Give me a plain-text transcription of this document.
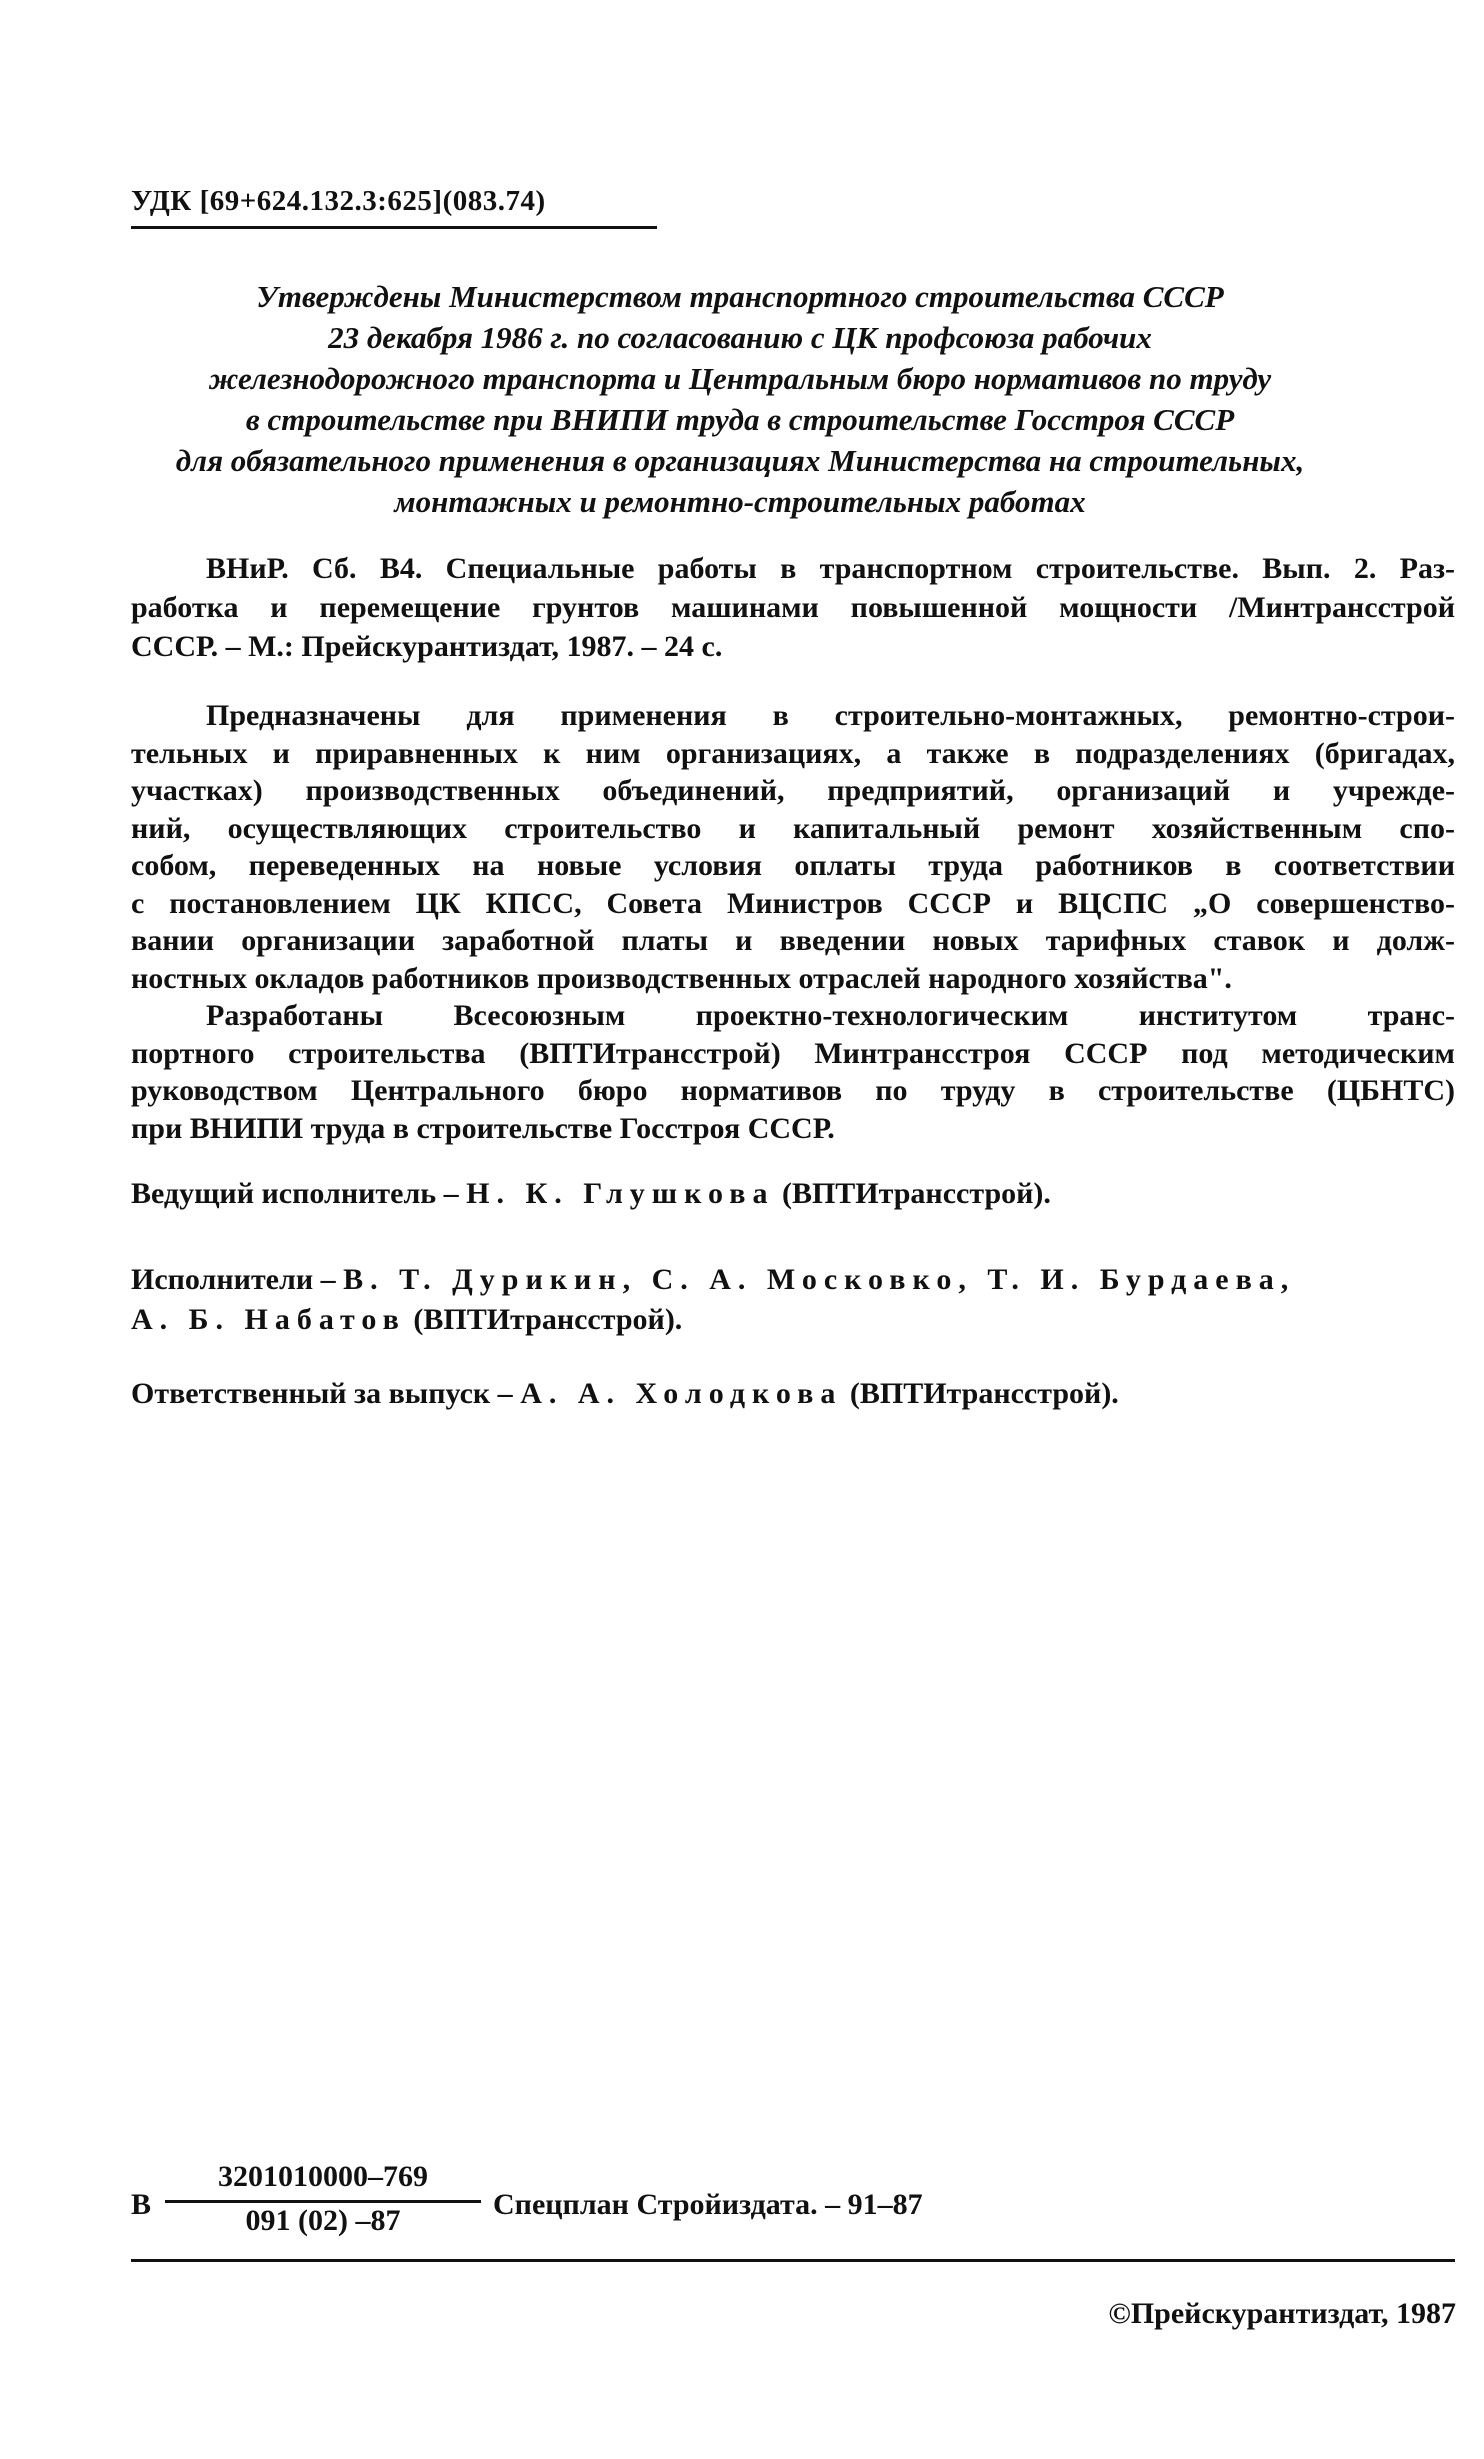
УДК [69+624.132.3:625](083.74)
Утверждены Министерством транспортного строительства СССР
23 декабря 1986 г. по согласованию с ЦК профсоюза рабочих
железнодорожного транспорта и Центральным бюро нормативов по труду
в строительстве при ВНИПИ труда в строительстве Госстроя СССР
для обязательного применения в организациях Министерства на строительных,
монтажных и ремонтно-строительных работах
ВНиР. Сб. В4. Специальные работы в транспортном строительстве. Вып. 2. Раз-
работка и перемещение грунтов машинами повышенной мощности /Минтрансстрой
СССР. – М.: Прейскурантиздат, 1987. – 24 с.
Предназначены для применения в строительно-монтажных, ремонтно-строи-
тельных и приравненных к ним организациях, а также в подразделениях (бригадах,
участках) производственных объединений, предприятий, организаций и учрежде-
ний, осуществляющих строительство и капитальный ремонт хозяйственным спо-
собом, переведенных на новые условия оплаты труда работников в соответствии
с постановлением ЦК КПСС, Совета Министров СССР и ВЦСПС „О совершенство-
вании организации заработной платы и введении новых тарифных ставок и долж-
ностных окладов работников производственных отраслей народного хозяйства".
Разработаны Всесоюзным проектно-технологическим институтом транс-
портного строительства (ВПТИтрансстрой) Минтрансстроя СССР под методическим
руководством Центрального бюро нормативов по труду в строительстве (ЦБНТС)
при ВНИПИ труда в строительстве Госстроя СССР.
Ведущий исполнитель – Н. К. Глушкова (ВПТИтрансстрой).
Исполнители – В. Т. Дурикин, С. А. Московко, Т. И. Бурдаева,
А. Б. Набатов (ВПТИтрансстрой).
Ответственный за выпуск – А. А. Холодкова (ВПТИтрансстрой).
В
3201010000–769
091 (02) –87	Спецплан Стройиздата. – 91–87
©Прейскурантиздат, 1987
